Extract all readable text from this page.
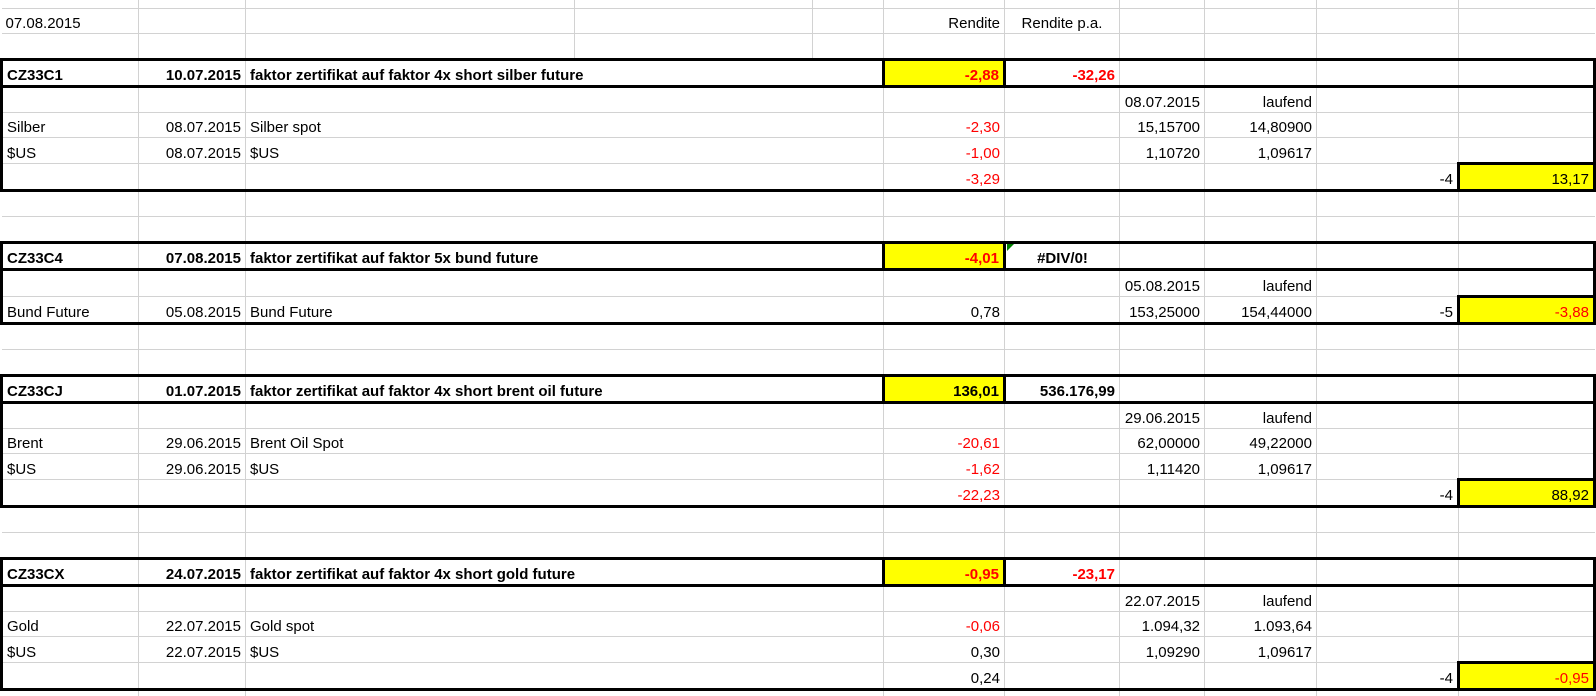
07.08.2015					Rendite	Rendite p.a.				

CZ33C1	10.07.2015	faktor zertifikat auf faktor 4x short silber future			-2,88	-32,26				
							08.07.2015	laufend		
Silber	08.07.2015	Silber spot			-2,30		15,15700	14,80900		
$US	08.07.2015	$US			-1,00		1,10720	1,09617		
					-3,29				-4	13,17

CZ33C4	07.08.2015	faktor zertifikat auf faktor 5x bund future			-4,01	#DIV/0!				
							05.08.2015	laufend		
Bund Future	05.08.2015	Bund Future			0,78		153,25000	154,44000	-5	-3,88

CZ33CJ	01.07.2015	faktor zertifikat auf faktor 4x short brent oil future			136,01	536.176,99				
							29.06.2015	laufend		
Brent	29.06.2015	Brent Oil Spot			-20,61		62,00000	49,22000		
$US	29.06.2015	$US			-1,62		1,11420	1,09617		
					-22,23				-4	88,92

CZ33CX	24.07.2015	faktor zertifikat auf faktor 4x short gold future			-0,95	-23,17				
							22.07.2015	laufend		
Gold	22.07.2015	Gold spot			-0,06		1.094,32	1.093,64		
$US	22.07.2015	$US			0,30		1,09290	1,09617		
					0,24				-4	-0,95
